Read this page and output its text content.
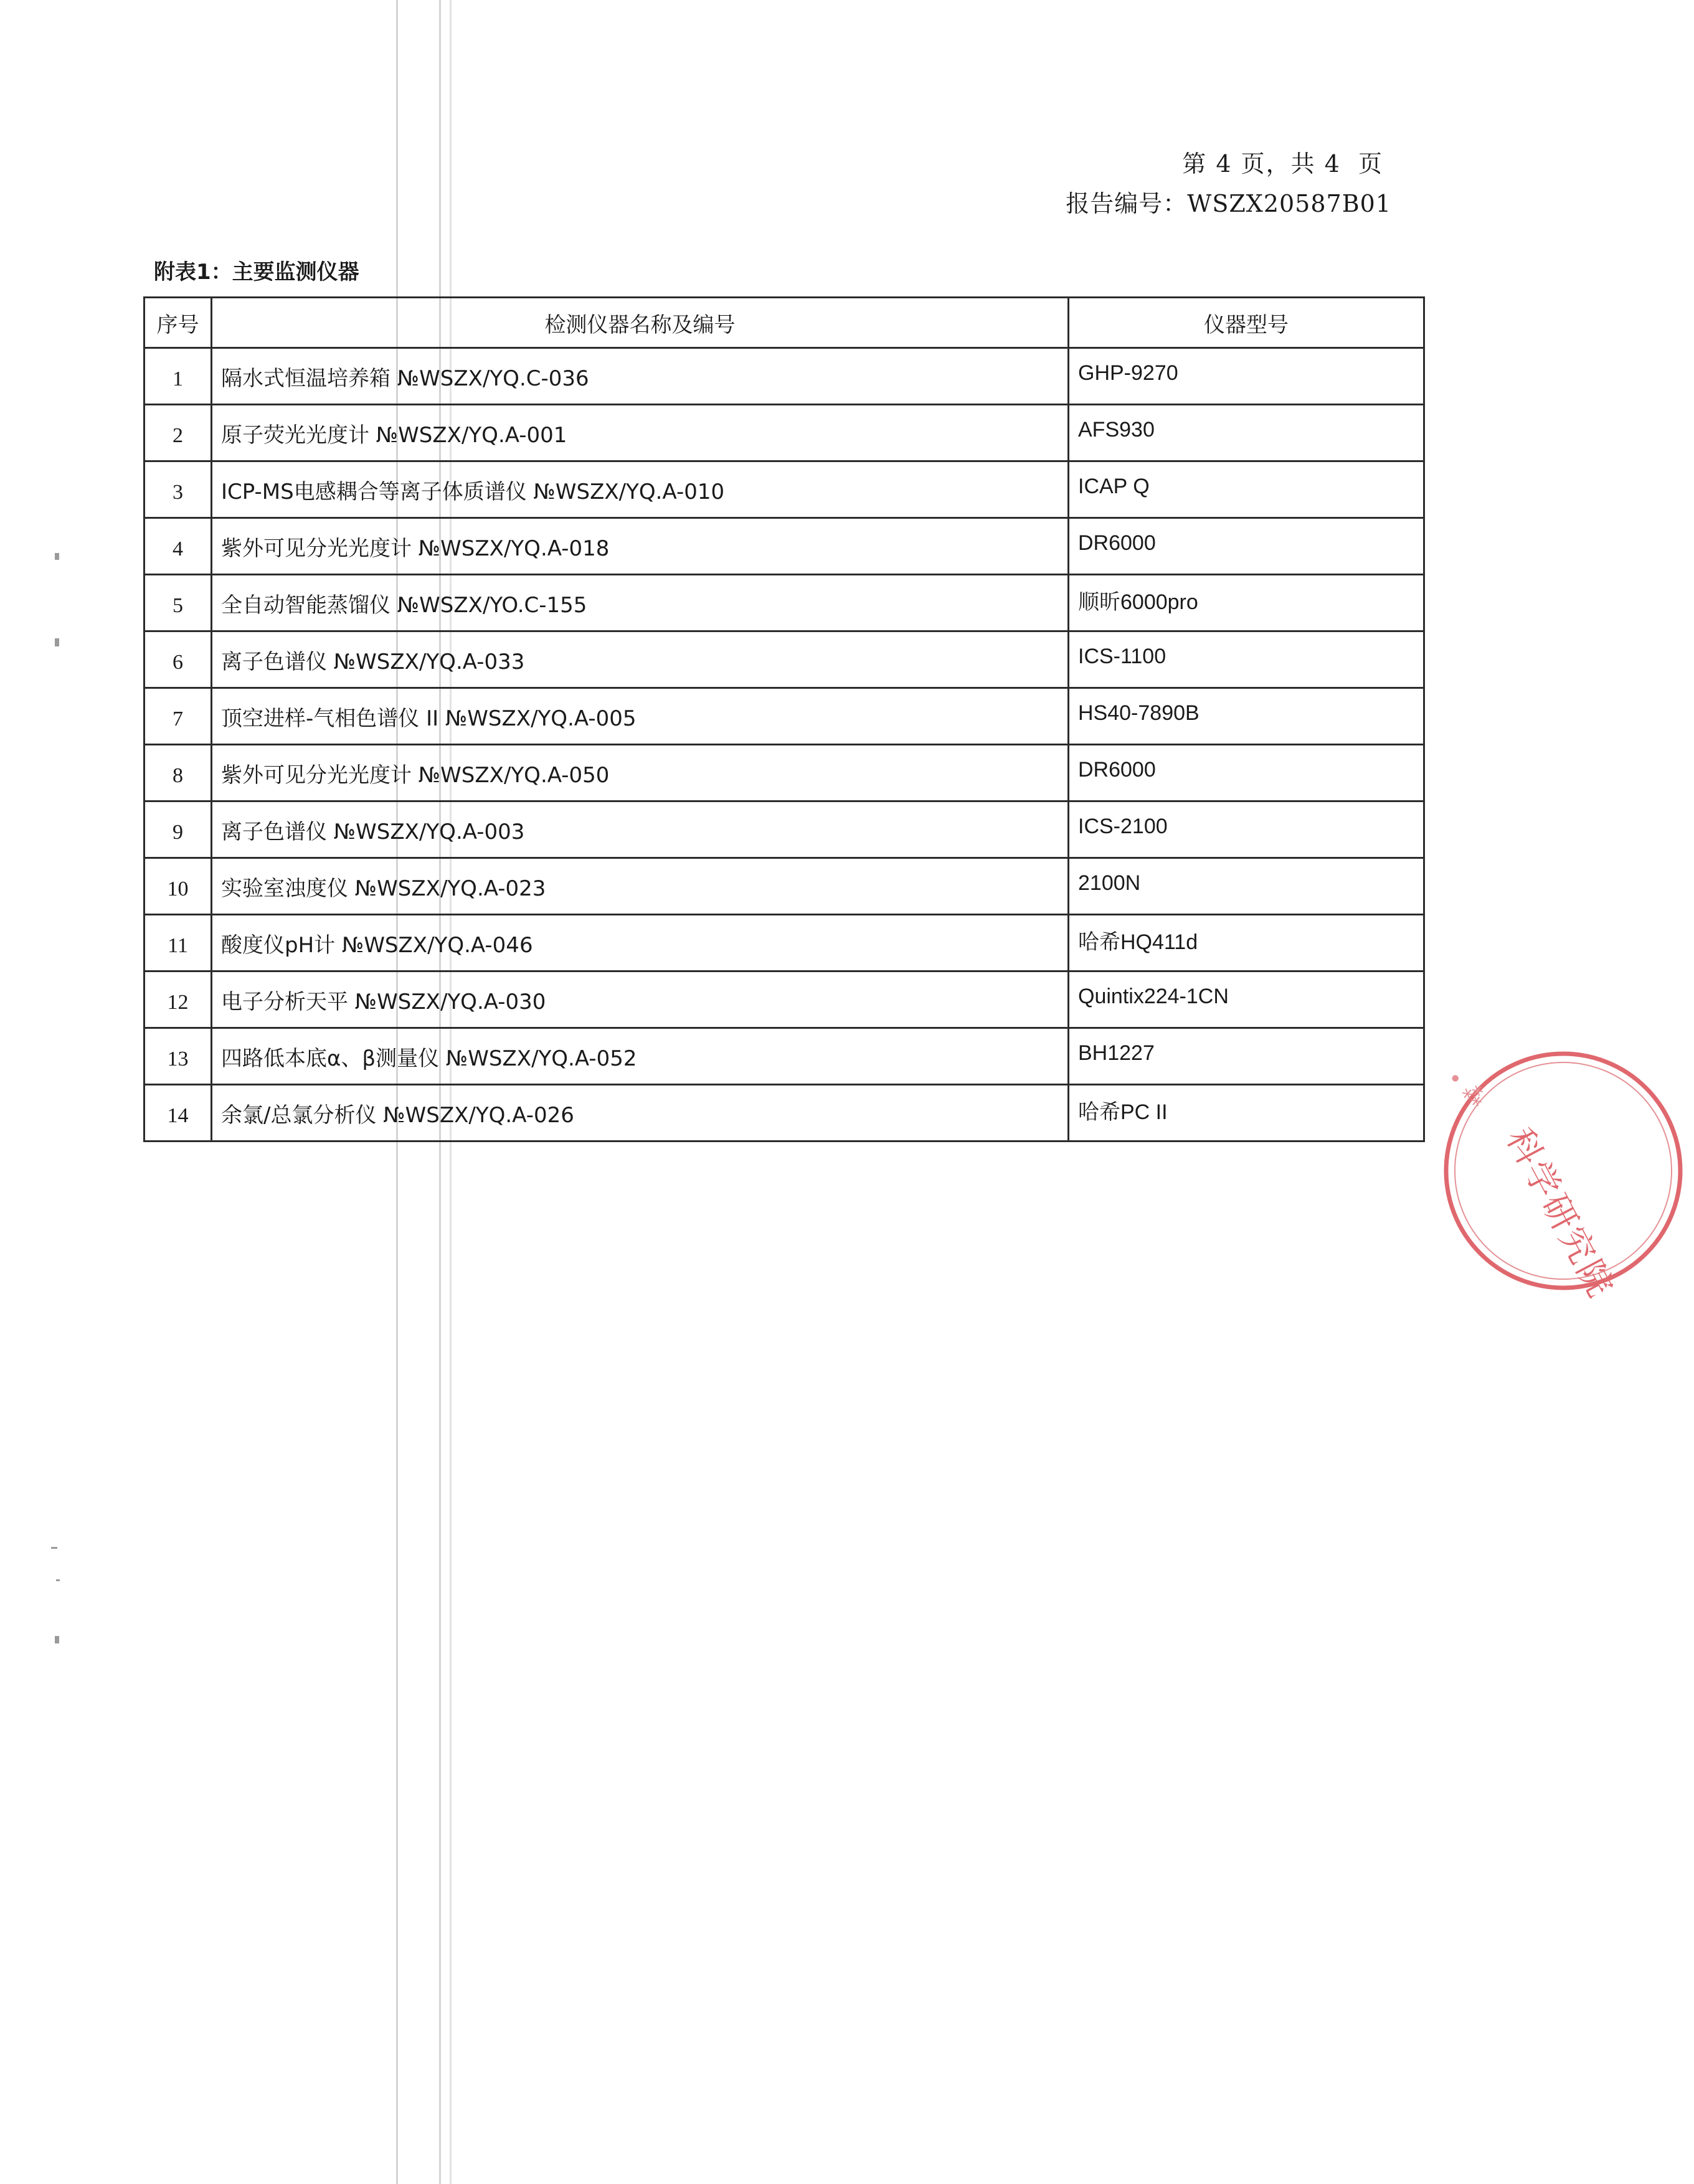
第 4 页，共 4  页
报告编号：WSZX20587B01
附表1：主要监测仪器
序号	检测仪器名称及编号	仪器型号
1	隔水式恒温培养箱 №WSZX/YQ.C-036	GHP-9270
2	原子荧光光度计 №WSZX/YQ.A-001	AFS930
3	ICP-MS电感耦合等离子体质谱仪 №WSZX/YQ.A-010	ICAP Q
4	紫外可见分光光度计 №WSZX/YQ.A-018	DR6000
5	全自动智能蒸馏仪 №WSZX/YO.C-155	顺昕6000pro
6	离子色谱仪 №WSZX/YQ.A-033	ICS-1100
7	顶空进样-气相色谱仪 II №WSZX/YQ.A-005	HS40-7890B
8	紫外可见分光光度计 №WSZX/YQ.A-050	DR6000
9	离子色谱仪 №WSZX/YQ.A-003	ICS-2100
10	实验室浊度仪 №WSZX/YQ.A-023	2100N
11	酸度仪pH计 №WSZX/YQ.A-046	哈希HQ411d
12	电子分析天平 №WSZX/YQ.A-030	Quintix224-1CN
13	四路低本底α、β测量仪 №WSZX/YQ.A-052	BH1227
14	余氯/总氯分析仪 №WSZX/YQ.A-026	哈希PC II
科学研究院
• ⁂
